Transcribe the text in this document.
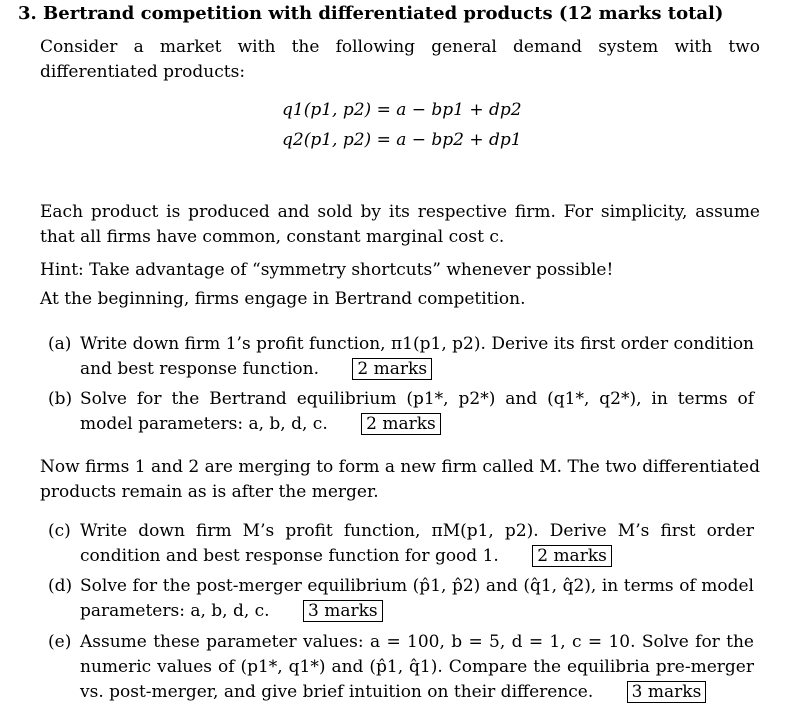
3. Bertrand competition with differentiated products (12 marks total)
Consider a market with the following general demand system with two differentiated products:
q1(p1, p2) = a − bp1 + dp2
q2(p1, p2) = a − bp2 + dp1
Each product is produced and sold by its respective firm. For simplicity, assume that all firms have common, constant marginal cost c.
Hint: Take advantage of “symmetry shortcuts” whenever possible!
At the beginning, firms engage in Bertrand competition.
(a) Write down firm 1’s profit function, π1(p1, p2). Derive its first order condition and best response function. 2 marks
(b) Solve for the Bertrand equilibrium (p1*, p2*) and (q1*, q2*), in terms of model parameters: a, b, d, c. 2 marks
Now firms 1 and 2 are merging to form a new firm called M. The two differentiated products remain as is after the merger.
(c) Write down firm M’s profit function, πM(p1, p2). Derive M’s first order condition and best response function for good 1. 2 marks
(d) Solve for the post-merger equilibrium (p̂1, p̂2) and (q̂1, q̂2), in terms of model parameters: a, b, d, c. 3 marks
(e) Assume these parameter values: a = 100, b = 5, d = 1, c = 10. Solve for the numeric values of (p1*, q1*) and (p̂1, q̂1). Compare the equilibria pre-merger vs. post-merger, and give brief intuition on their difference. 3 marks
